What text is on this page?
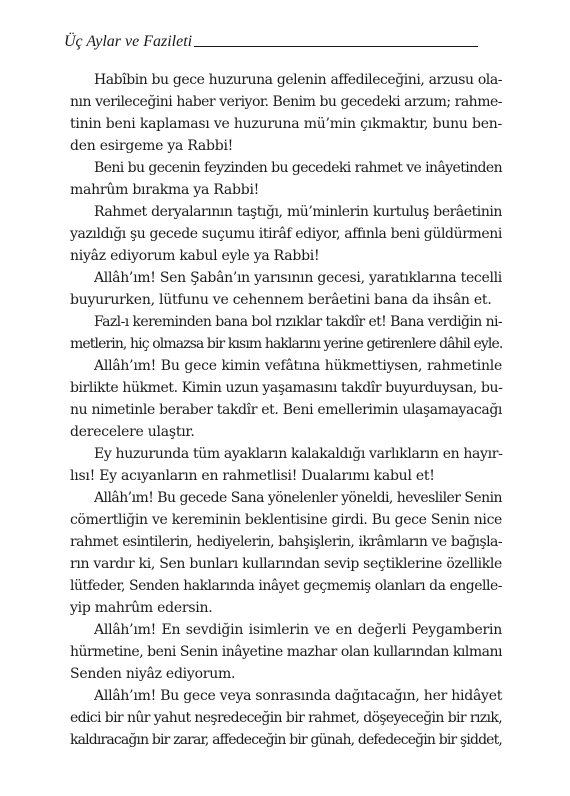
Üç Aylar ve Fazileti
Habîbin bu gece huzuruna gelenin affedileceğini, arzusu ola-
nın verileceğini haber veriyor. Benim bu gecedeki arzum; rahme-
tinin beni kaplaması ve huzuruna mü’min çıkmaktır, bunu ben-
den esirgeme ya Rabbi!
Beni bu gecenin feyzinden bu gecedeki rahmet ve inâyetinden
mahrûm bırakma ya Rabbi!
Rahmet deryalarının taştığı, mü’minlerin kurtuluş berâetinin
yazıldığı şu gecede suçumu itirâf ediyor, affınla beni güldürmeni
niyâz ediyorum kabul eyle ya Rabbi!
Allâh’ım! Sen Şabân’ın yarısının gecesi, yaratıklarına tecelli
buyururken, lütfunu ve cehennem berâetini bana da ihsân et.
Fazl-ı kereminden bana bol rızıklar takdîr et! Bana verdiğin ni-
metlerin, hiç olmazsa bir kısım haklarını yerine getirenlere dâhil eyle.
Allâh’ım! Bu gece kimin vefâtına hükmettiysen, rahmetinle
birlikte hükmet. Kimin uzun yaşamasını takdîr buyurduysan, bu-
nu nimetinle beraber takdîr et. Beni emellerimin ulaşamayacağı
derecelere ulaştır.
Ey huzurunda tüm ayakların kalakaldığı varlıkların en hayır-
lısı! Ey acıyanların en rahmetlisi! Dualarımı kabul et!
Allâh’ım! Bu gecede Sana yönelenler yöneldi, hevesliler Senin
cömertliğin ve kereminin beklentisine girdi. Bu gece Senin nice
rahmet esintilerin, hediyelerin, bahşişlerin, ikrâmların ve bağışla-
rın vardır ki, Sen bunları kullarından sevip seçtiklerine özellikle
lütfeder, Senden haklarında inâyet geçmemiş olanları da engelle-
yip mahrûm edersin.
Allâh’ım! En sevdiğin isimlerin ve en değerli Peygamberin
hürmetine, beni Senin inâyetine mazhar olan kullarından kılmanı
Senden niyâz ediyorum.
Allâh’ım! Bu gece veya sonrasında dağıtacağın, her hidâyet
edici bir nûr yahut neşredeceğin bir rahmet, döşeyeceğin bir rızık,
kaldıracağın bir zarar, affedeceğin bir günah, defedeceğin bir şiddet,
